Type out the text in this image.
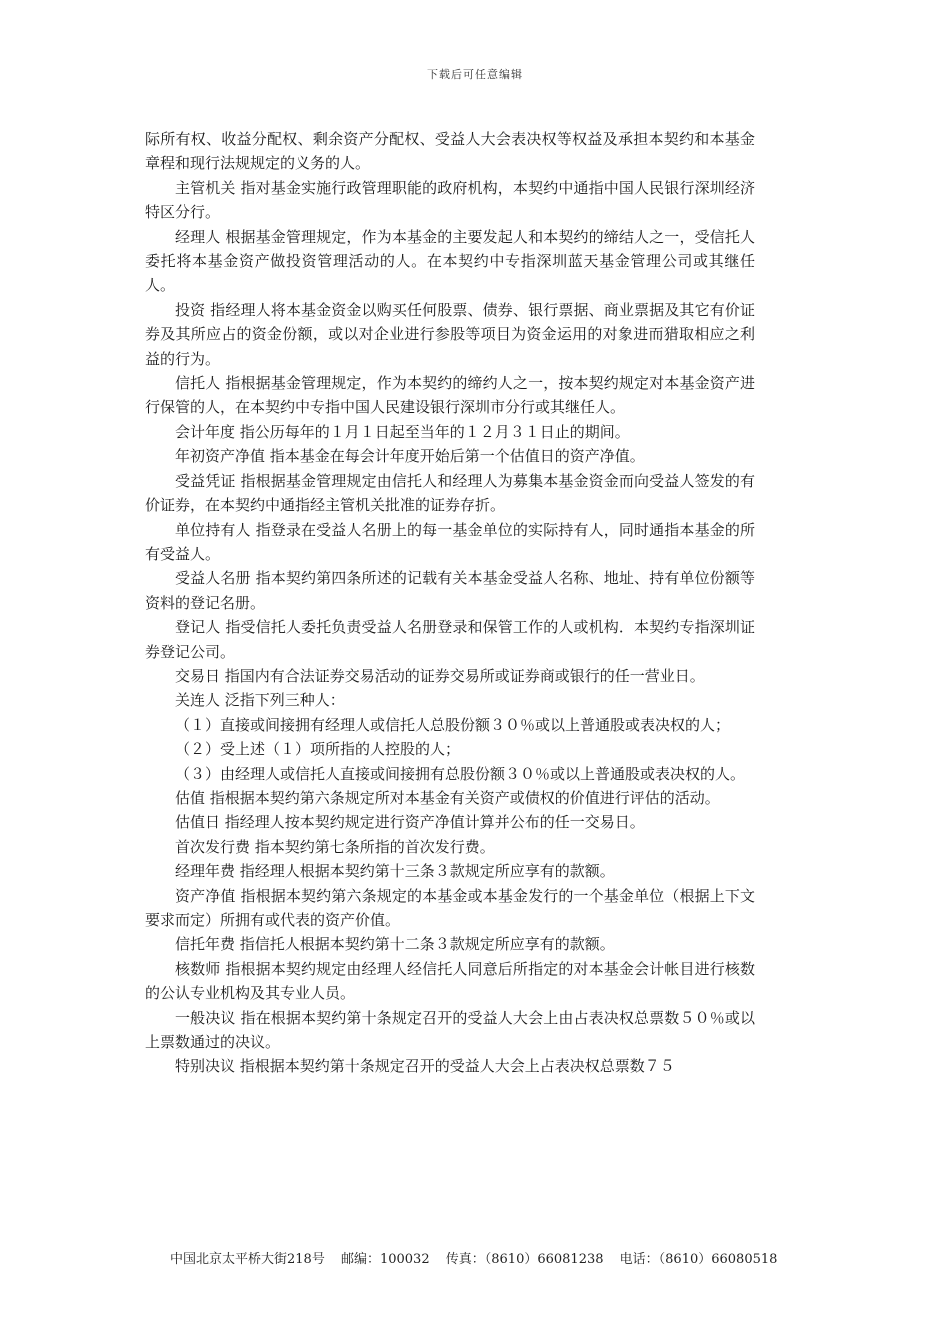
下载后可任意编辑

际所有权、收益分配权、剩余资产分配权、受益人大会表决权等权益及承担本契约和本基金章程和现行法规规定的义务的人。

主管机关 指对基金实施行政管理职能的政府机构，本契约中通指中国人民银行深圳经济特区分行。

经理人 根据基金管理规定，作为本基金的主要发起人和本契约的缔结人之一，受信托人委托将本基金资产做投资管理活动的人。在本契约中专指深圳蓝天基金管理公司或其继任人。

投资 指经理人将本基金资金以购买任何股票、债券、银行票据、商业票据及其它有价证券及其所应占的资金份额，或以对企业进行参股等项目为资金运用的对象进而猎取相应之利益的行为。

信托人 指根据基金管理规定，作为本契约的缔约人之一，按本契约规定对本基金资产进行保管的人，在本契约中专指中国人民建设银行深圳市分行或其继任人。

会计年度 指公历每年的１月１日起至当年的１２月３１日止的期间。

年初资产净值 指本基金在每会计年度开始后第一个估值日的资产净值。

受益凭证 指根据基金管理规定由信托人和经理人为募集本基金资金而向受益人签发的有价证券，在本契约中通指经主管机关批准的证券存折。

单位持有人 指登录在受益人名册上的每一基金单位的实际持有人，同时通指本基金的所有受益人。

受益人名册 指本契约第四条所述的记载有关本基金受益人名称、地址、持有单位份额等资料的登记名册。

登记人 指受信托人委托负责受益人名册登录和保管工作的人或机构．本契约专指深圳证券登记公司。

交易日 指国内有合法证券交易活动的证券交易所或证券商或银行的任一营业日。

关连人 泛指下列三种人：

（１）直接或间接拥有经理人或信托人总股份额３０％或以上普通股或表决权的人；

（２）受上述（１）项所指的人控股的人；

（３）由经理人或信托人直接或间接拥有总股份额３０％或以上普通股或表决权的人。

估值 指根据本契约第六条规定所对本基金有关资产或债权的价值进行评估的活动。

估值日 指经理人按本契约规定进行资产净值计算并公布的任一交易日。

首次发行费 指本契约第七条所指的首次发行费。

经理年费 指经理人根据本契约第十三条３款规定所应享有的款额。

资产净值 指根据本契约第六条规定的本基金或本基金发行的一个基金单位（根据上下文要求而定）所拥有或代表的资产价值。

信托年费 指信托人根据本契约第十二条３款规定所应享有的款额。

核数师 指根据本契约规定由经理人经信托人同意后所指定的对本基金会计帐目进行核数的公认专业机构及其专业人员。

一般决议 指在根据本契约第十条规定召开的受益人大会上由占表决权总票数５０％或以上票数通过的决议。

特别决议 指根据本契约第十条规定召开的受益人大会上占表决权总票数７５

中国北京太平桥大街218号 邮编：100032 传真：（8610）66081238 电话：（8610）66080518
